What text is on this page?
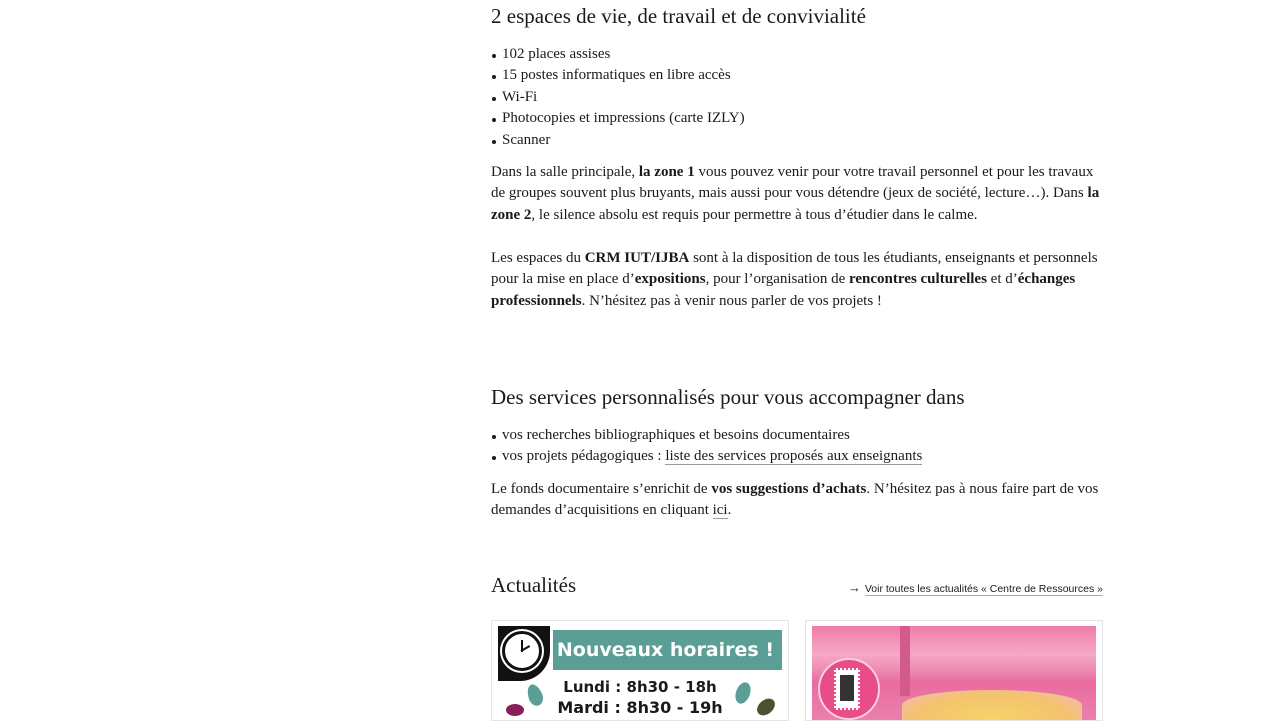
2 espaces de vie, de travail et de convivialité
102 places assises
15 postes informatiques en libre accès
Wi-Fi
Photocopies et impressions (carte IZLY)
Scanner

Dans la salle principale, la zone 1 vous pouvez venir pour votre travail personnel et pour les travaux de groupes souvent plus bruyants, mais aussi pour vous détendre (jeux de société, lecture…). Dans la zone 2, le silence absolu est requis pour permettre à tous d’étudier dans le calme.

Les espaces du CRM IUT/IJBA sont à la disposition de tous les étudiants, enseignants et personnels pour la mise en place d’expositions, pour l’organisation de rencontres culturelles et d’échanges professionnels. N’hésitez pas à venir nous parler de vos projets !

Des services personnalisés pour vous accompagner dans
vos recherches bibliographiques et besoins documentaires
vos projets pédagogiques : liste des services proposés aux enseignants

Le fonds documentaire s’enrichit de vos suggestions d’achats. N’hésitez pas à nous faire part de vos demandes d’acquisitions en cliquant ici.

Actualités	→ Voir toutes les actualités « Centre de Ressources »
Nouveaux horaires !
Lundi : 8h30 - 18h
Mardi : 8h30 - 19h
